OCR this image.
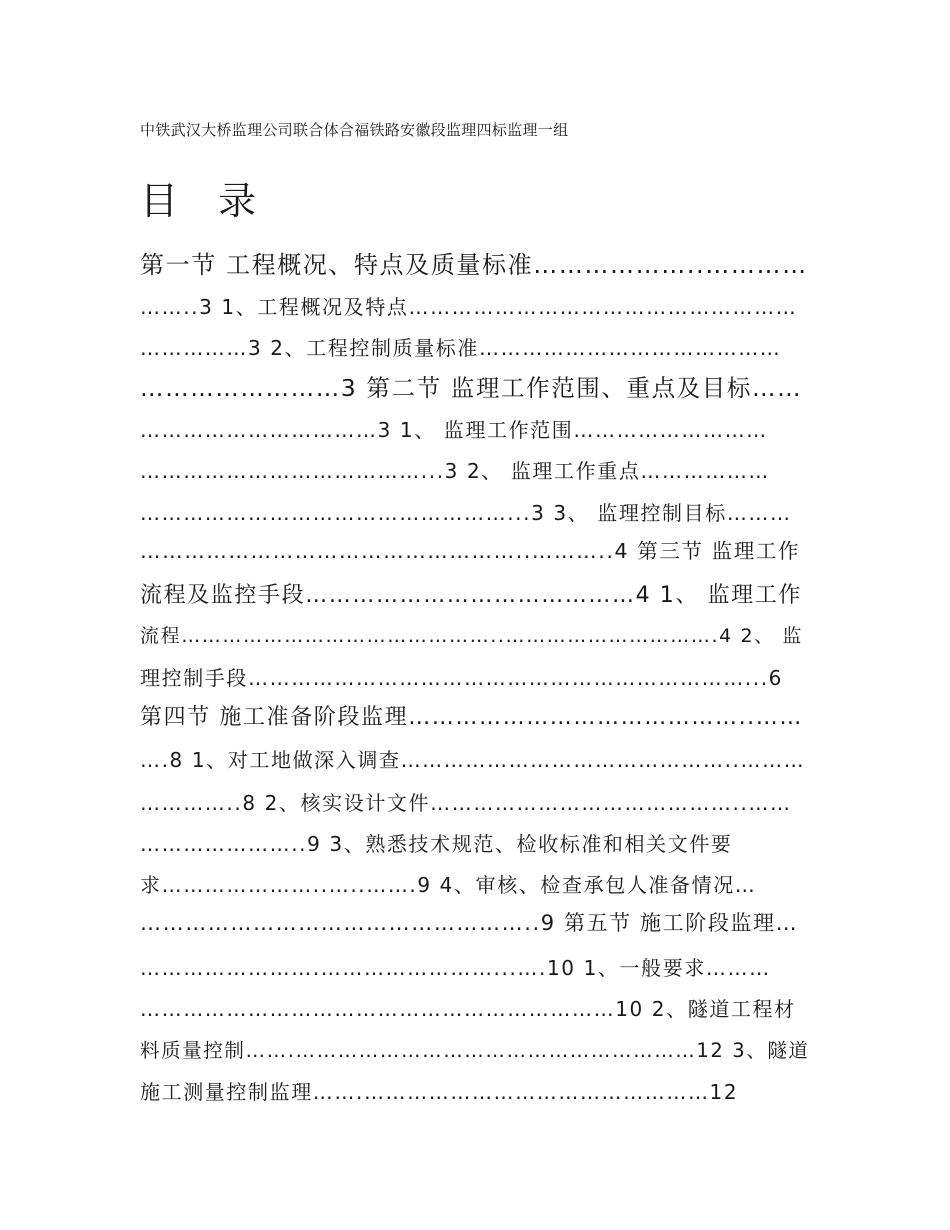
中铁武汉大桥监理公司联合体合福铁路安徽段监理四标监理一组
目 录
第一节 工程概况、特点及质量标准………………..…………
……..3 1、工程概况及特点………………………………………………
……………3 2、工程控制质量标准……………………………………
……………………3 第二节 监理工作范围、重点及目标……
……………………………3 1、 监理工作范围………………………
…………………………………...3 2、 监理工作重点………………
……………………………………………...3 3、 监理控制目标………
……………………………………………..………..4 第三节 监理工作
流程及监控手段……………………………………4 1、 监理工作
流程………………………………………..………………………….4 2、 监
理控制手段……………………………………………………………...6
第四节 施工准备阶段监理……………………………………..……
….8 1、对工地做深入调查………………………………………..………
…………..8 2、核实设计文件……………………………………..……
…………………..9 3、熟悉技术规范、检收标准和相关文件要
求…………………..…..…….9 4、审核、检查承包人准备情况…
……………………………………………..9 第五节 施工阶段监理…
…………………….……………………...….10 1、一般要求………
…………………………………………………………10 2、隧道工程材
料质量控制…….…………………………………………………12 3、隧道
施工测量控制监理…….…………………………………………12
